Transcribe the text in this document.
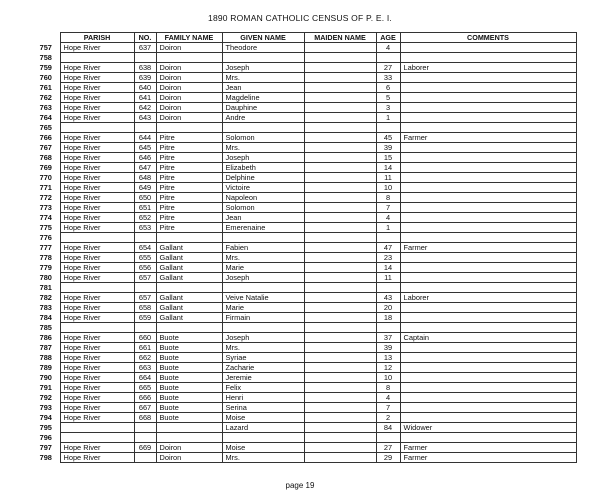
1890 ROMAN CATHOLIC CENSUS OF P. E. I.
	PARISH	NO.	FAMILY NAME	GIVEN NAME	MAIDEN NAME	AGE	COMMENTS
757	Hope River	637	Doiron	Theodore		4	
758							
759	Hope River	638	Doiron	Joseph		27	Laborer
760	Hope River	639	Doiron	Mrs.		33	
761	Hope River	640	Doiron	Jean		6	
762	Hope River	641	Doiron	Magdeline		5	
763	Hope River	642	Doiron	Dauphine		3	
764	Hope River	643	Doiron	Andre		1	
765							
766	Hope River	644	Pitre	Solomon		45	Farmer
767	Hope River	645	Pitre	Mrs.		39	
768	Hope River	646	Pitre	Joseph		15	
769	Hope River	647	Pitre	Elizabeth		14	
770	Hope River	648	Pitre	Delphine		11	
771	Hope River	649	Pitre	Victoire		10	
772	Hope River	650	Pitre	Napoleon		8	
773	Hope River	651	Pitre	Solomon		7	
774	Hope River	652	Pitre	Jean		4	
775	Hope River	653	Pitre	Emerenaine		1	
776							
777	Hope River	654	Gallant	Fabien		47	Farmer
778	Hope River	655	Gallant	Mrs.		23	
779	Hope River	656	Gallant	Marie		14	
780	Hope River	657	Gallant	Joseph		11	
781							
782	Hope River	657	Gallant	Veive Natalie		43	Laborer
783	Hope River	658	Gallant	Marie		20	
784	Hope River	659	Gallant	Firmain		18	
785							
786	Hope River	660	Buote	Joseph		37	Captain
787	Hope River	661	Buote	Mrs.		39	
788	Hope River	662	Buote	Syriae		13	
789	Hope River	663	Buote	Zacharie		12	
790	Hope River	664	Buote	Jeremie		10	
791	Hope River	665	Buote	Felix		8	
792	Hope River	666	Buote	Henri		4	
793	Hope River	667	Buote	Serina		7	
794	Hope River	668	Buote	Moise		2	
795				Lazard		84	Widower
796							
797	Hope River	669	Doiron	Moise		27	Farmer
798	Hope River		Doiron	Mrs.		29	Farmer
page 19
